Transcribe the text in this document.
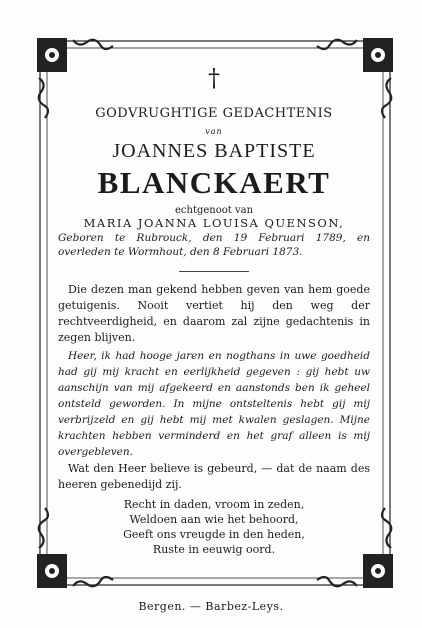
†
GODVRUGHTIGE GEDACHTENIS
van
JOANNES BAPTISTE
BLANCKAERT
echtgenoot van
MARIA JOANNA LOUISA QUENSON,
Geboren te Rubrouck, den 19 Februari 1789, en overleden te Wormhout, den 8 Februari 1873.

Die dezen man gekend hebben geven van hem goede getuigenis. Nooit vertiet hij den weg der rechtveerdigheid, en daarom zal zijne gedachtenis in zegen blijven.

Heer, ik had hooge jaren en nogthans in uwe goedheid had gij mij kracht en eerlijkheid gegeven : gij hebt uw aanschijn van mij afgekeerd en aanstonds ben ik geheel ontsteld geworden. In mijne ontsteltenis hebt gij mij verbrijzeld en gij hebt mij met kwalen geslagen. Mijne krachten hebben verminderd en het graf alleen is mij overgebleven.

Wat den Heer believe is gebeurd, — dat de naam des heeren gebenedijd zij.

Recht in daden, vroom in zeden,
Weldoen aan wie het behoord,
Geeft ons vreugde in den heden,
Ruste in eeuwig oord.
Bergen. — Barbez-Leys.
